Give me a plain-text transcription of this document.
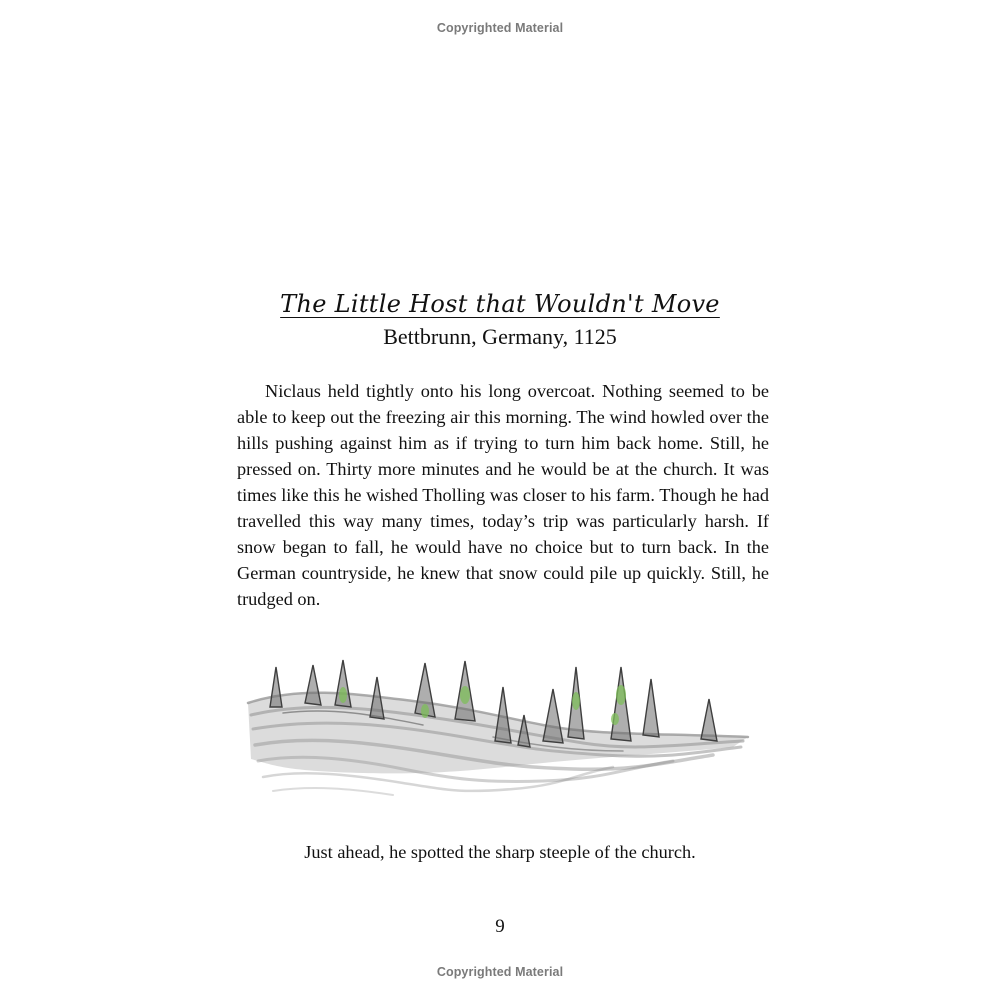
Copyrighted Material
The Little Host that Wouldn't Move
Bettbrunn, Germany, 1125

Niclaus held tightly onto his long overcoat. Nothing seemed to be able to keep out the freezing air this morning. The wind howled over the hills pushing against him as if trying to turn him back home. Still, he pressed on. Thirty more minutes and he would be at the church. It was times like this he wished Tholling was closer to his farm. Though he had travelled this way many times, today’s trip was particularly harsh. If snow began to fall, he would have no choice but to turn back. In the German countryside, he knew that snow could pile up quickly. Still, he trudged on.

Just ahead, he spotted the sharp steeple of the church.

9
Copyrighted Material
